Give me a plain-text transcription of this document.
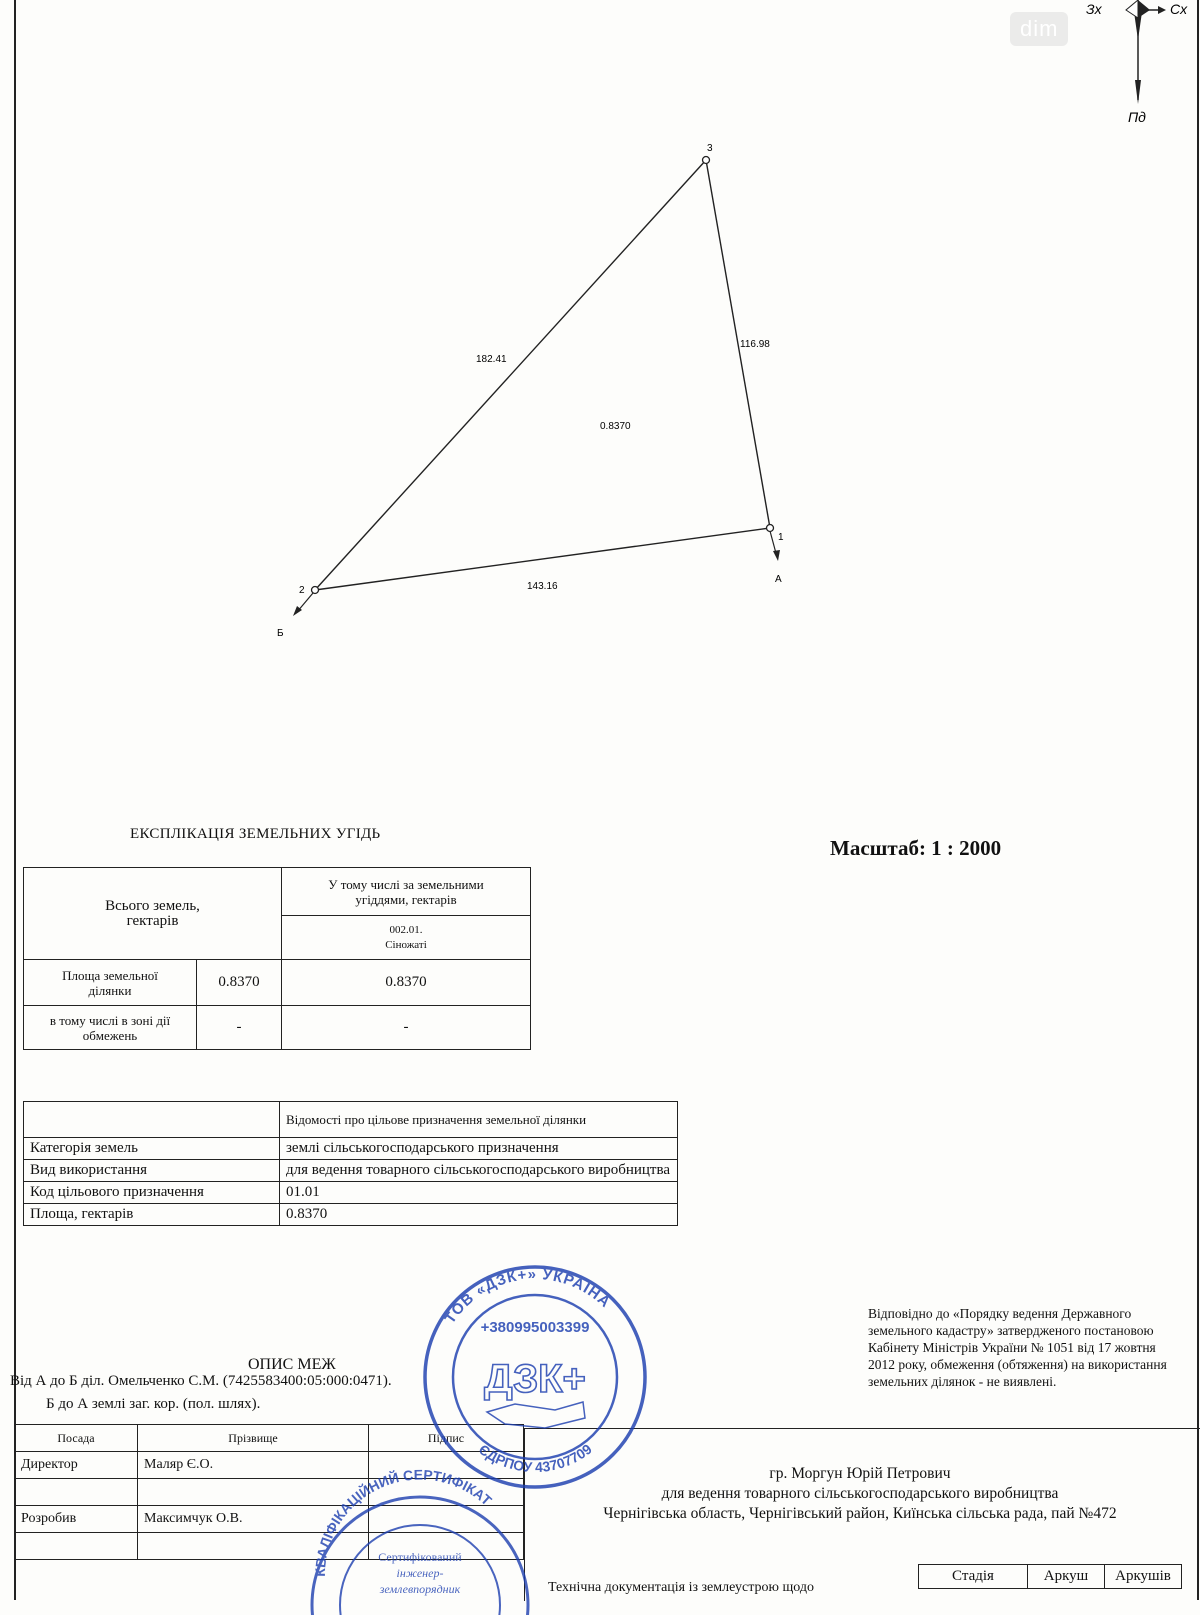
dim
Зх	Сх
Пд
3
1
2
116.98
182.41
143.16
0.8370
А
Б
ЕКСПЛІКАЦІЯ ЗЕМЕЛЬНИХ УГІДЬ
Масштаб: 1 : 2000
Всього земель, гектарів		У тому числі за земельними угіддями, гектарів

		002.01. Сіножаті

Площа земельної ділянки	0.8370	0.8370

в тому числі в зоні дії обмежень	-	-
	Відомості про цільове призначення земельної ділянки
Категорія земель	землі сільськогосподарського призначення
Вид використання	для ведення товарного сільськогосподарського виробництва
Код цільового призначення	01.01
Площа, гектарів	0.8370
Відповідно до «Порядку ведення Державного земельного кадастру» затвердженого постановою Кабінету Міністрів України № 1051 від 17 жовтня 2012 року, обмеження (обтяження) на використання земельних ділянок - не виявлені.
ОПИС МЕЖ
Від А до Б діл. Омельченко С.М. (7425583400:05:000:0471).
Б до А землі заг. кор. (пол. шлях).
Посада	Прізвище	Підпис
Директор	Маляр Є.О.	

Розробив	Максимчук О.В.	

гр. Моргун Юрій Петрович
для ведення товарного сільськогосподарського виробництва
Чернігівська область, Чернігівський район, Киїнська сільська рада, пай №472
Технічна документація із землеустрою щодо
Стадія	Аркуш	Аркушів
КВАЛІФІКАЦІЙНИЙ СЕРТИФІКАТ
Сертифікований
інженер-
землевпорядник
ТОВ «ДЗК+» УКРАЇНА
ЄДРПОУ 43707709
+380995003399
ДЗК+
